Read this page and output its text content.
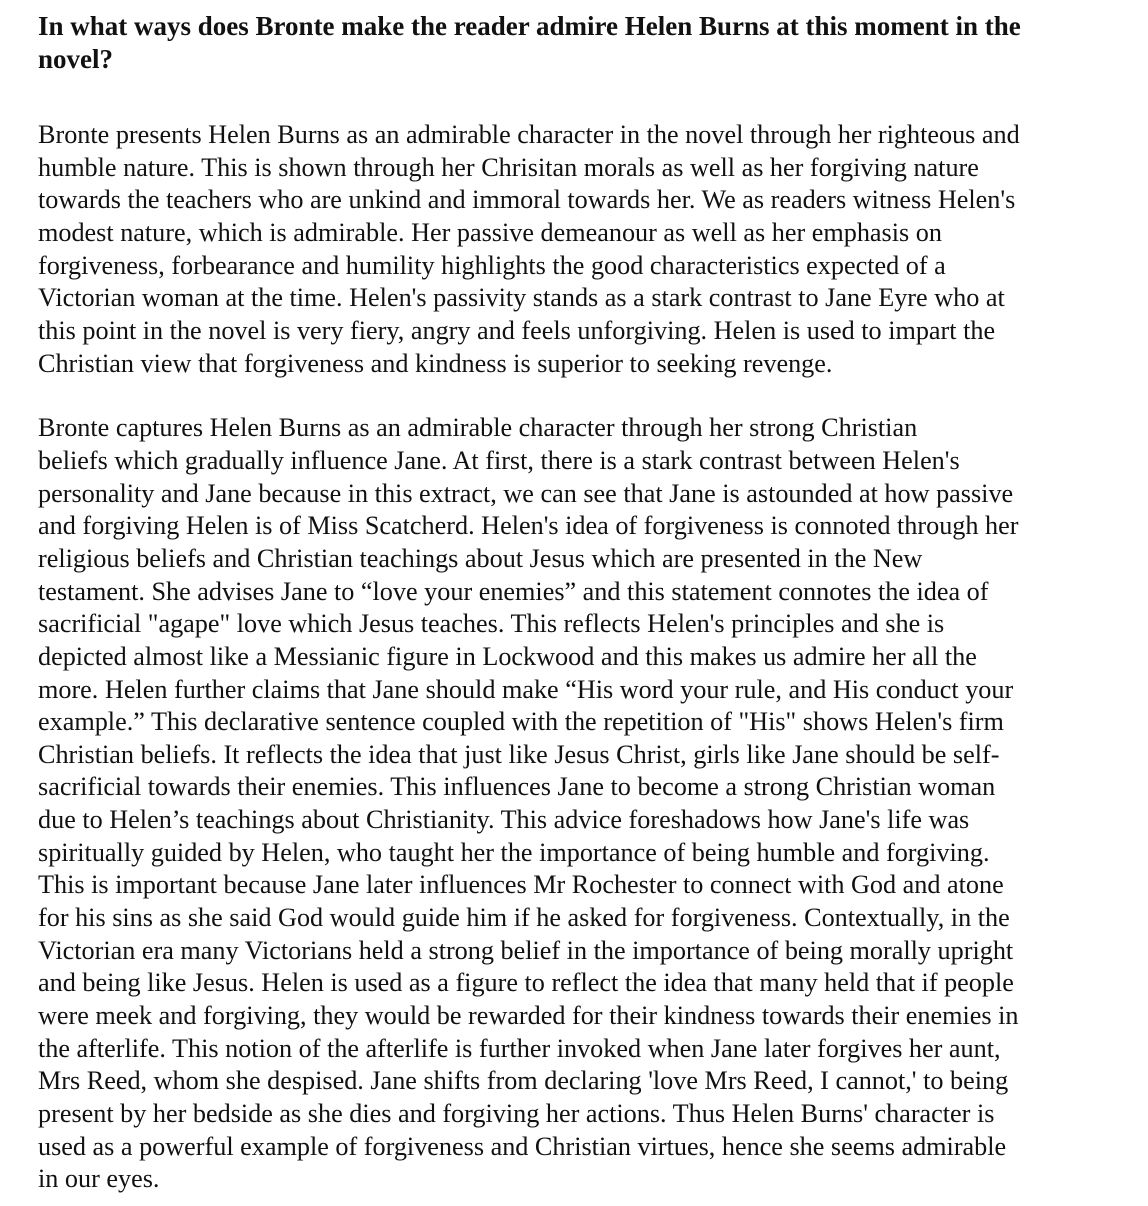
In what ways does Bronte make the reader admire Helen Burns at this moment in the
novel?
Bronte presents Helen Burns as an admirable character in the novel through her righteous and
humble nature. This is shown through her Chrisitan morals as well as her forgiving nature
towards the teachers who are unkind and immoral towards her. We as readers witness Helen's
modest nature, which is admirable. Her passive demeanour as well as her emphasis on
forgiveness, forbearance and humility highlights the good characteristics expected of a
Victorian woman at the time. Helen's passivity stands as a stark contrast to Jane Eyre who at
this point in the novel is very fiery, angry and feels unforgiving. Helen is used to impart the
Christian view that forgiveness and kindness is superior to seeking revenge.
Bronte captures Helen Burns as an admirable character through her strong Christian
beliefs which gradually influence Jane. At first, there is a stark contrast between Helen's
personality and Jane because in this extract, we can see that Jane is astounded at how passive
and forgiving Helen is of Miss Scatcherd. Helen's idea of forgiveness is connoted through her
religious beliefs and Christian teachings about Jesus which are presented in the New
testament. She advises Jane to “love your enemies” and this statement connotes the idea of
sacrificial "agape" love which Jesus teaches. This reflects Helen's principles and she is
depicted almost like a Messianic figure in Lockwood and this makes us admire her all the
more. Helen further claims that Jane should make “His word your rule, and His conduct your
example.” This declarative sentence coupled with the repetition of "His" shows Helen's firm
Christian beliefs. It reflects the idea that just like Jesus Christ, girls like Jane should be self-
sacrificial towards their enemies. This influences Jane to become a strong Christian woman
due to Helen’s teachings about Christianity. This advice foreshadows how Jane's life was
spiritually guided by Helen, who taught her the importance of being humble and forgiving.
This is important because Jane later influences Mr Rochester to connect with God and atone
for his sins as she said God would guide him if he asked for forgiveness. Contextually, in the
Victorian era many Victorians held a strong belief in the importance of being morally upright
and being like Jesus. Helen is used as a figure to reflect the idea that many held that if people
were meek and forgiving, they would be rewarded for their kindness towards their enemies in
the afterlife. This notion of the afterlife is further invoked when Jane later forgives her aunt,
Mrs Reed, whom she despised. Jane shifts from declaring 'love Mrs Reed, I cannot,' to being
present by her bedside as she dies and forgiving her actions. Thus Helen Burns' character is
used as a powerful example of forgiveness and Christian virtues, hence she seems admirable
in our eyes.
